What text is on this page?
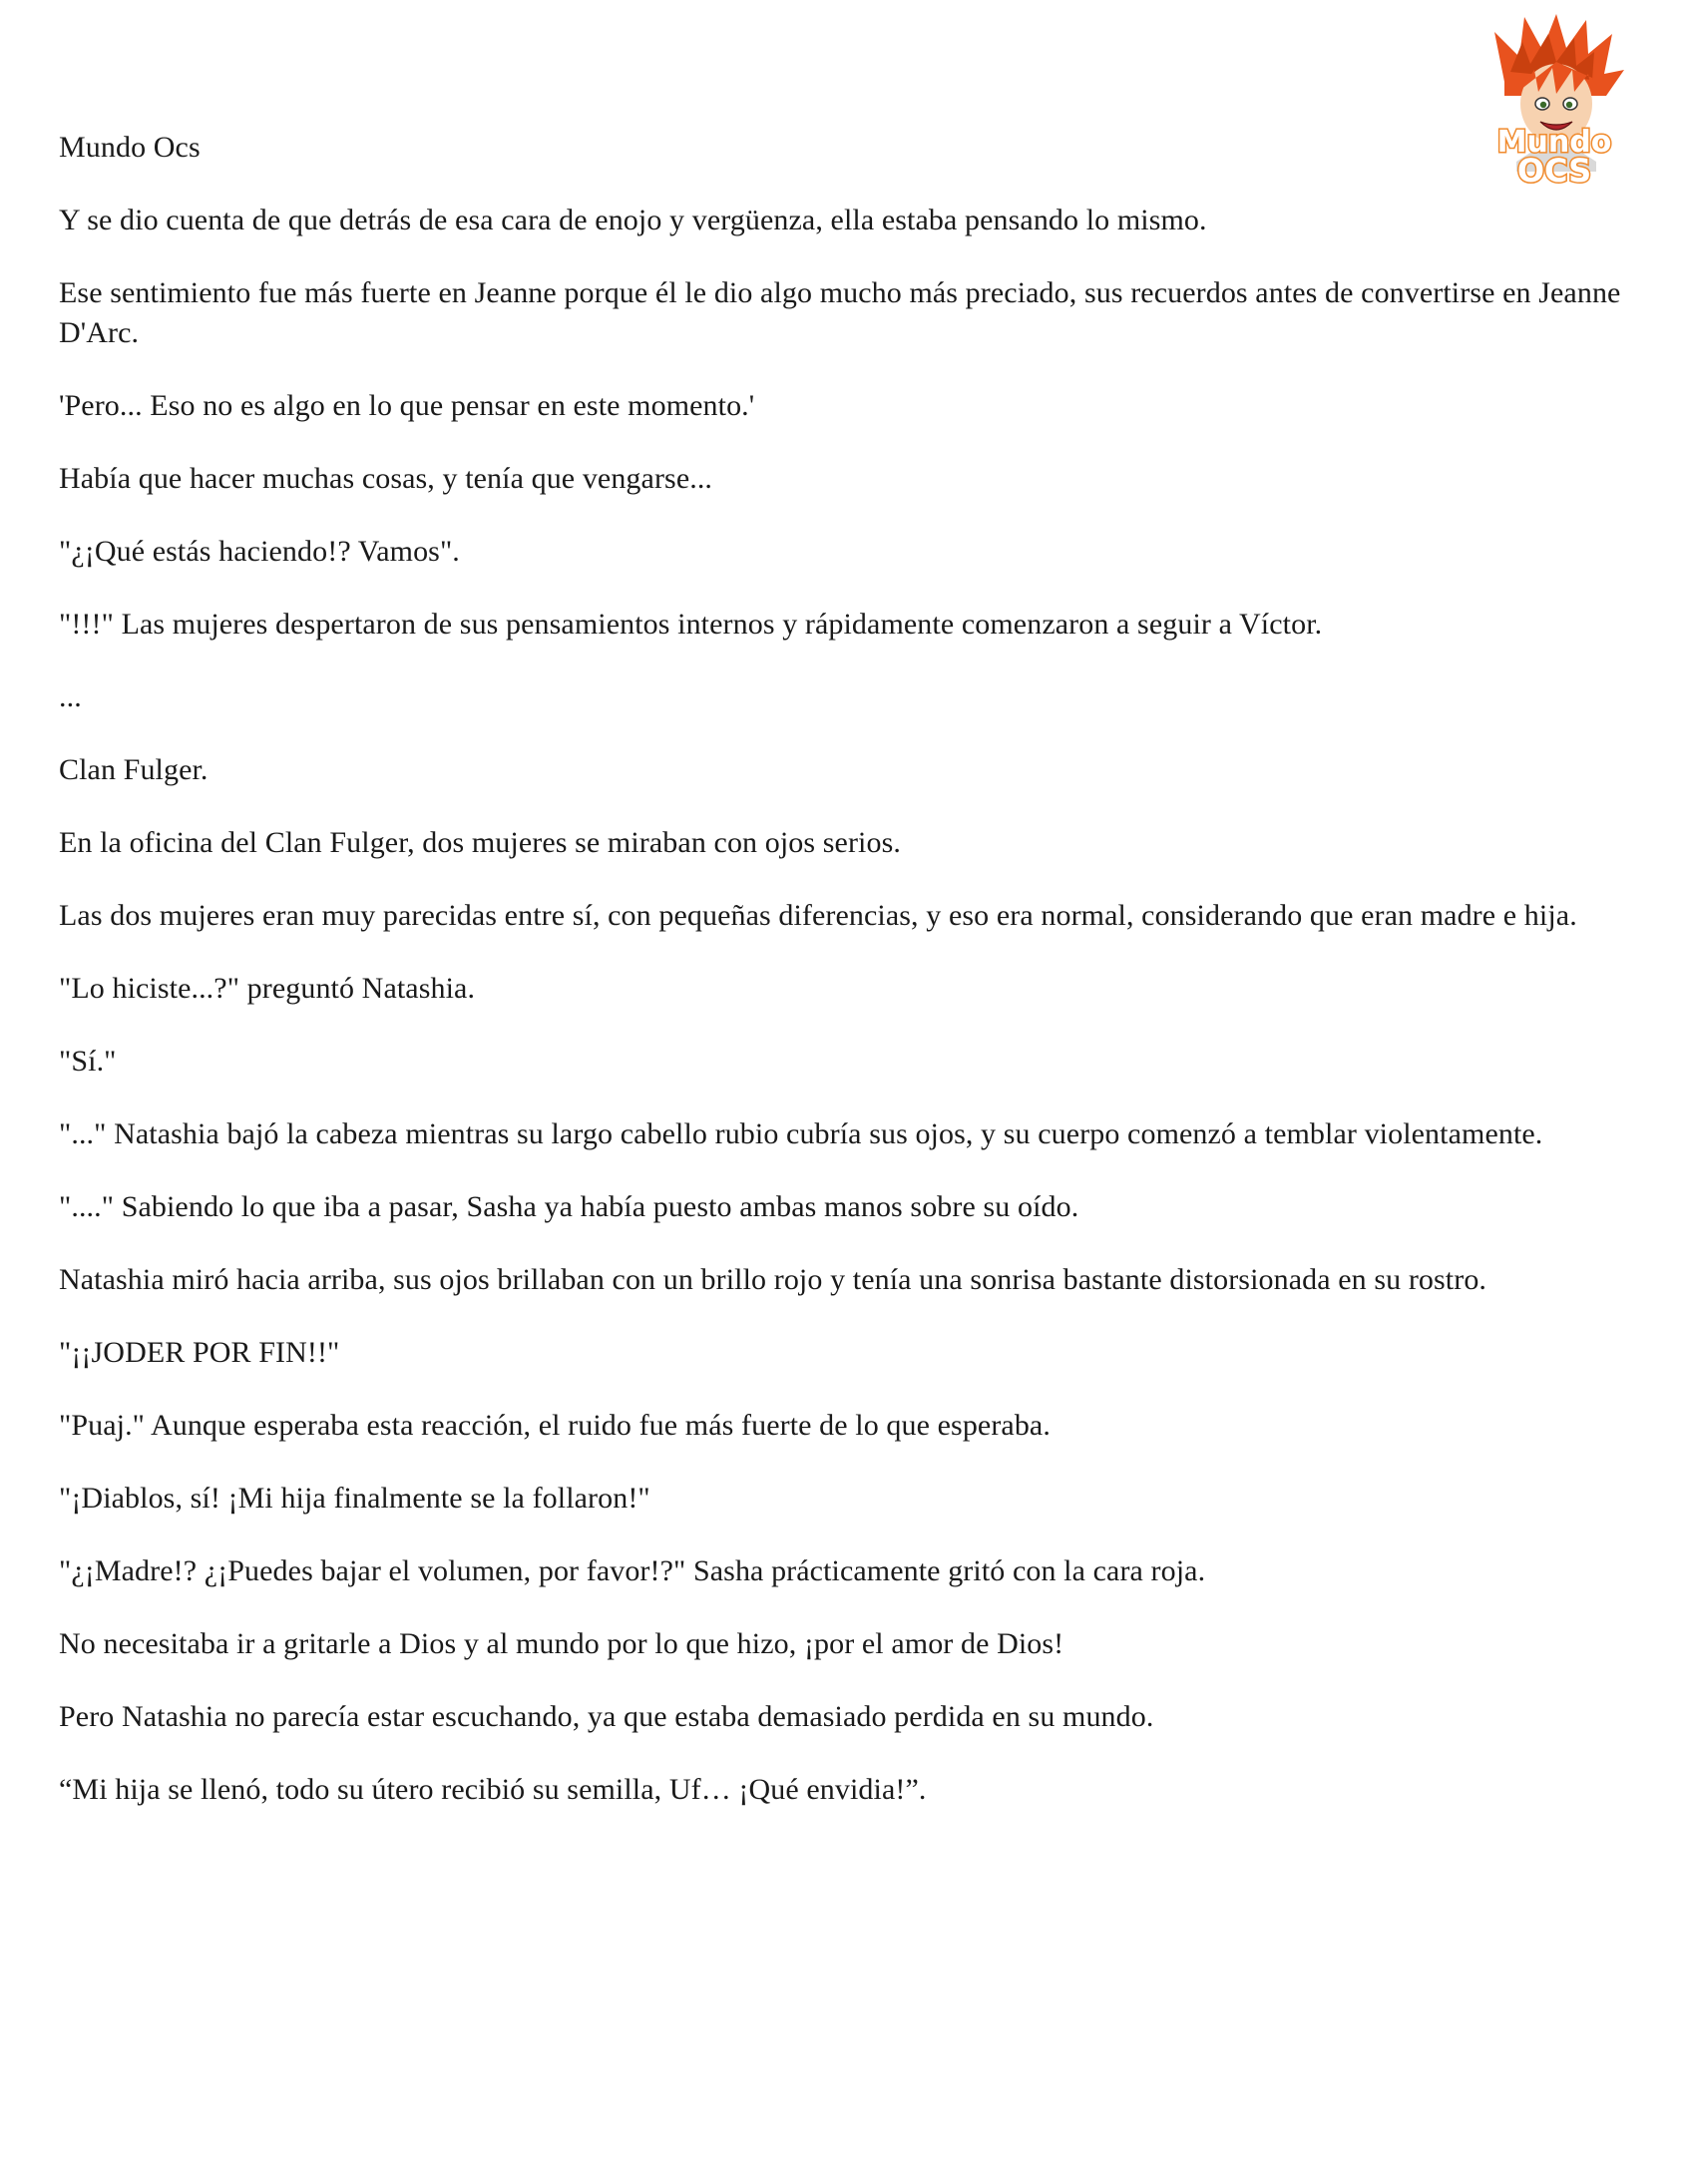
Mundo
OCS

Mundo Ocs

Y se dio cuenta de que detrás de esa cara de enojo y vergüenza, ella estaba pensando lo mismo.

Ese sentimiento fue más fuerte en Jeanne porque él le dio algo mucho más preciado, sus recuerdos antes de convertirse en Jeanne D'Arc.

'Pero... Eso no es algo en lo que pensar en este momento.'

Había que hacer muchas cosas, y tenía que vengarse...

"¿¡Qué estás haciendo!? Vamos".

"!!!" Las mujeres despertaron de sus pensamientos internos y rápidamente comenzaron a seguir a Víctor.

...

Clan Fulger.

En la oficina del Clan Fulger, dos mujeres se miraban con ojos serios.

Las dos mujeres eran muy parecidas entre sí, con pequeñas diferencias, y eso era normal, considerando que eran madre e hija.

"Lo hiciste...?" preguntó Natashia.

"Sí."

"..." Natashia bajó la cabeza mientras su largo cabello rubio cubría sus ojos, y su cuerpo comenzó a temblar violentamente.

"...." Sabiendo lo que iba a pasar, Sasha ya había puesto ambas manos sobre su oído.

Natashia miró hacia arriba, sus ojos brillaban con un brillo rojo y tenía una sonrisa bastante distorsionada en su rostro.

"¡¡JODER POR FIN!!"

"Puaj." Aunque esperaba esta reacción, el ruido fue más fuerte de lo que esperaba.

"¡Diablos, sí! ¡Mi hija finalmente se la follaron!"

"¿¡Madre!? ¿¡Puedes bajar el volumen, por favor!?" Sasha prácticamente gritó con la cara roja.

No necesitaba ir a gritarle a Dios y al mundo por lo que hizo, ¡por el amor de Dios!

Pero Natashia no parecía estar escuchando, ya que estaba demasiado perdida en su mundo.

“Mi hija se llenó, todo su útero recibió su semilla, Uf… ¡Qué envidia!”.
